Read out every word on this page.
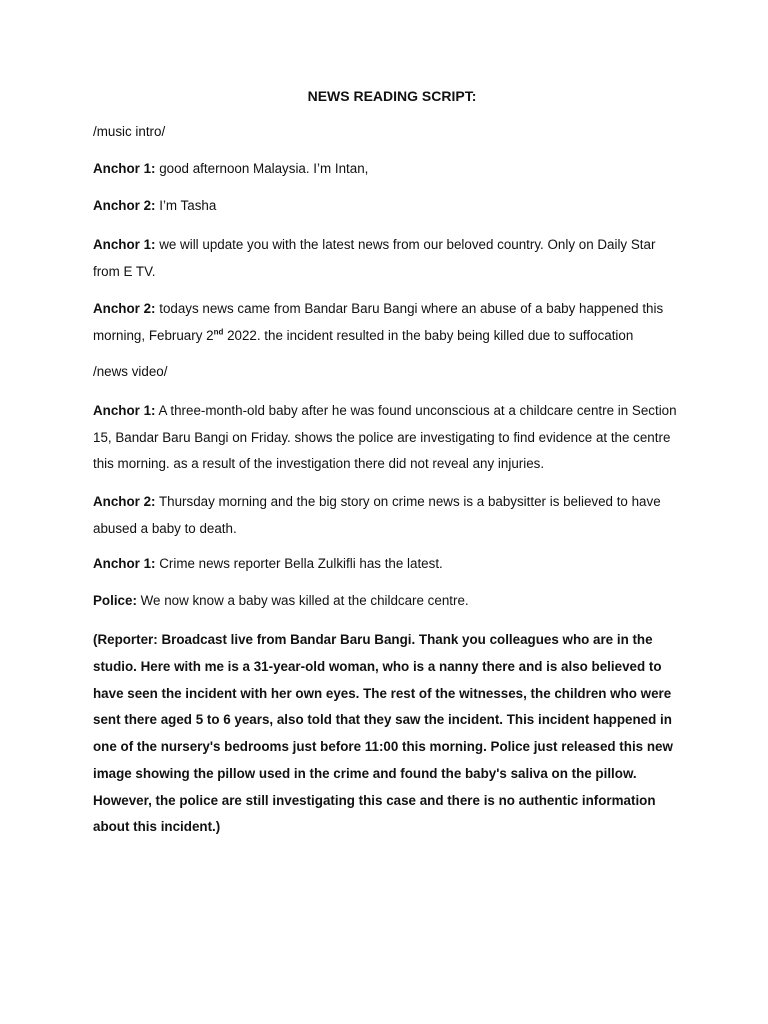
NEWS READING SCRIPT:

/music intro/

Anchor 1: good afternoon Malaysia. I’m Intan,

Anchor 2: I’m Tasha

Anchor 1: we will update you with the latest news from our beloved country. Only on Daily Star from E TV.

Anchor 2: todays news came from Bandar Baru Bangi where an abuse of a baby happened this morning, February 2nd 2022. the incident resulted in the baby being killed due to suffocation

/news video/

Anchor 1: A three-month-old baby after he was found unconscious at a childcare centre in Section 15, Bandar Baru Bangi on Friday. shows the police are investigating to find evidence at the centre this morning. as a result of the investigation there did not reveal any injuries.

Anchor 2: Thursday morning and the big story on crime news is a babysitter is believed to have abused a baby to death.

Anchor 1: Crime news reporter Bella Zulkifli has the latest.

Police: We now know a baby was killed at the childcare centre.

(Reporter: Broadcast live from Bandar Baru Bangi. Thank you colleagues who are in the studio. Here with me is a 31-year-old woman, who is a nanny there and is also believed to have seen the incident with her own eyes. The rest of the witnesses, the children who were sent there aged 5 to 6 years, also told that they saw the incident. This incident happened in one of the nursery's bedrooms just before 11:00 this morning. Police just released this new image showing the pillow used in the crime and found the baby's saliva on the pillow. However, the police are still investigating this case and there is no authentic information about this incident.)
